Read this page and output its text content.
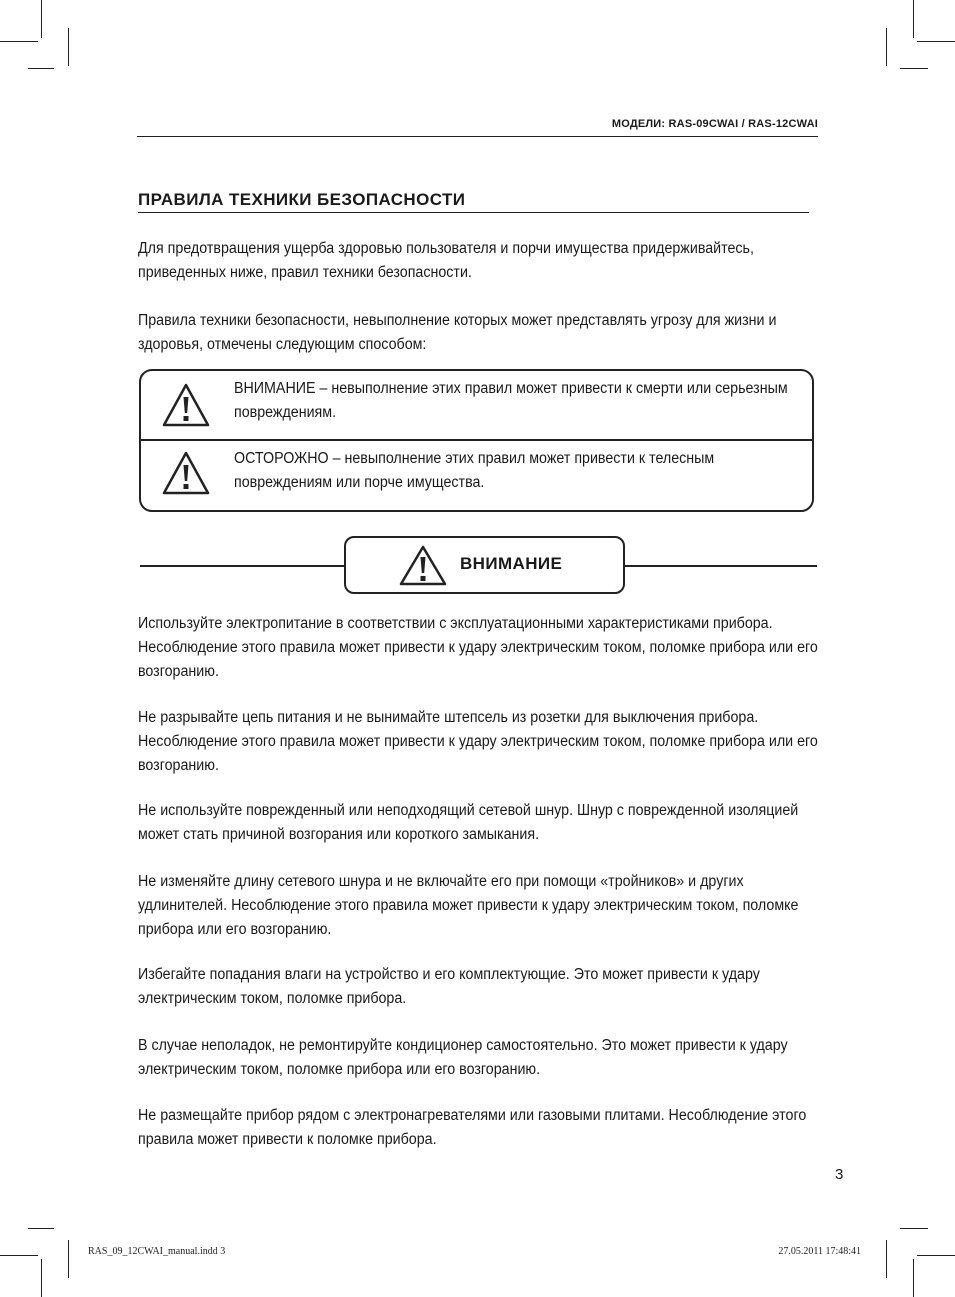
МОДЕЛИ: RAS-09CWAI / RAS-12CWAI
ПРАВИЛА ТЕХНИКИ БЕЗОПАСНОСТИ
Для предотвращения ущерба здоровью пользователя и порчи имущества придерживайтесь, приведенных ниже, правил техники безопасности.
Правила техники безопасности, невыполнение которых может представлять угрозу для жизни и здоровья, отмечены следующим способом:
ВНИМАНИЕ – невыполнение этих правил может привести к смерти или серьезным повреждениям.
ОСТОРОЖНО – невыполнение этих правил может привести к телесным повреждениям или порче имущества.
ВНИМАНИЕ
Используйте электропитание в соответствии с эксплуатационными характеристиками прибора. Несоблюдение этого правила может привести к удару электрическим током, поломке прибора или его возгоранию.
Не разрывайте цепь питания и не вынимайте штепсель из розетки для выключения прибора. Несоблюдение этого правила может привести к удару электрическим током, поломке прибора или его возгоранию.
Не используйте поврежденный или неподходящий сетевой шнур. Шнур с поврежденной изоляцией может стать причиной возгорания или короткого замыкания.
Не изменяйте длину сетевого шнура и не включайте его при помощи «тройников» и других удлинителей. Несоблюдение этого правила может привести к удару электрическим током, поломке прибора или его возгоранию.
Избегайте попадания влаги на устройство и его комплектующие. Это может привести к удару электрическим током, поломке прибора.
В случае неполадок, не ремонтируйте кондиционер самостоятельно. Это может привести к удару электрическим током, поломке прибора или его возгоранию.
Не размещайте прибор рядом с электронагревателями или газовыми плитами. Несоблюдение этого правила может привести к поломке прибора.
3
RAS_09_12CWAI_manual.indd 3	27.05.2011 17:48:41
